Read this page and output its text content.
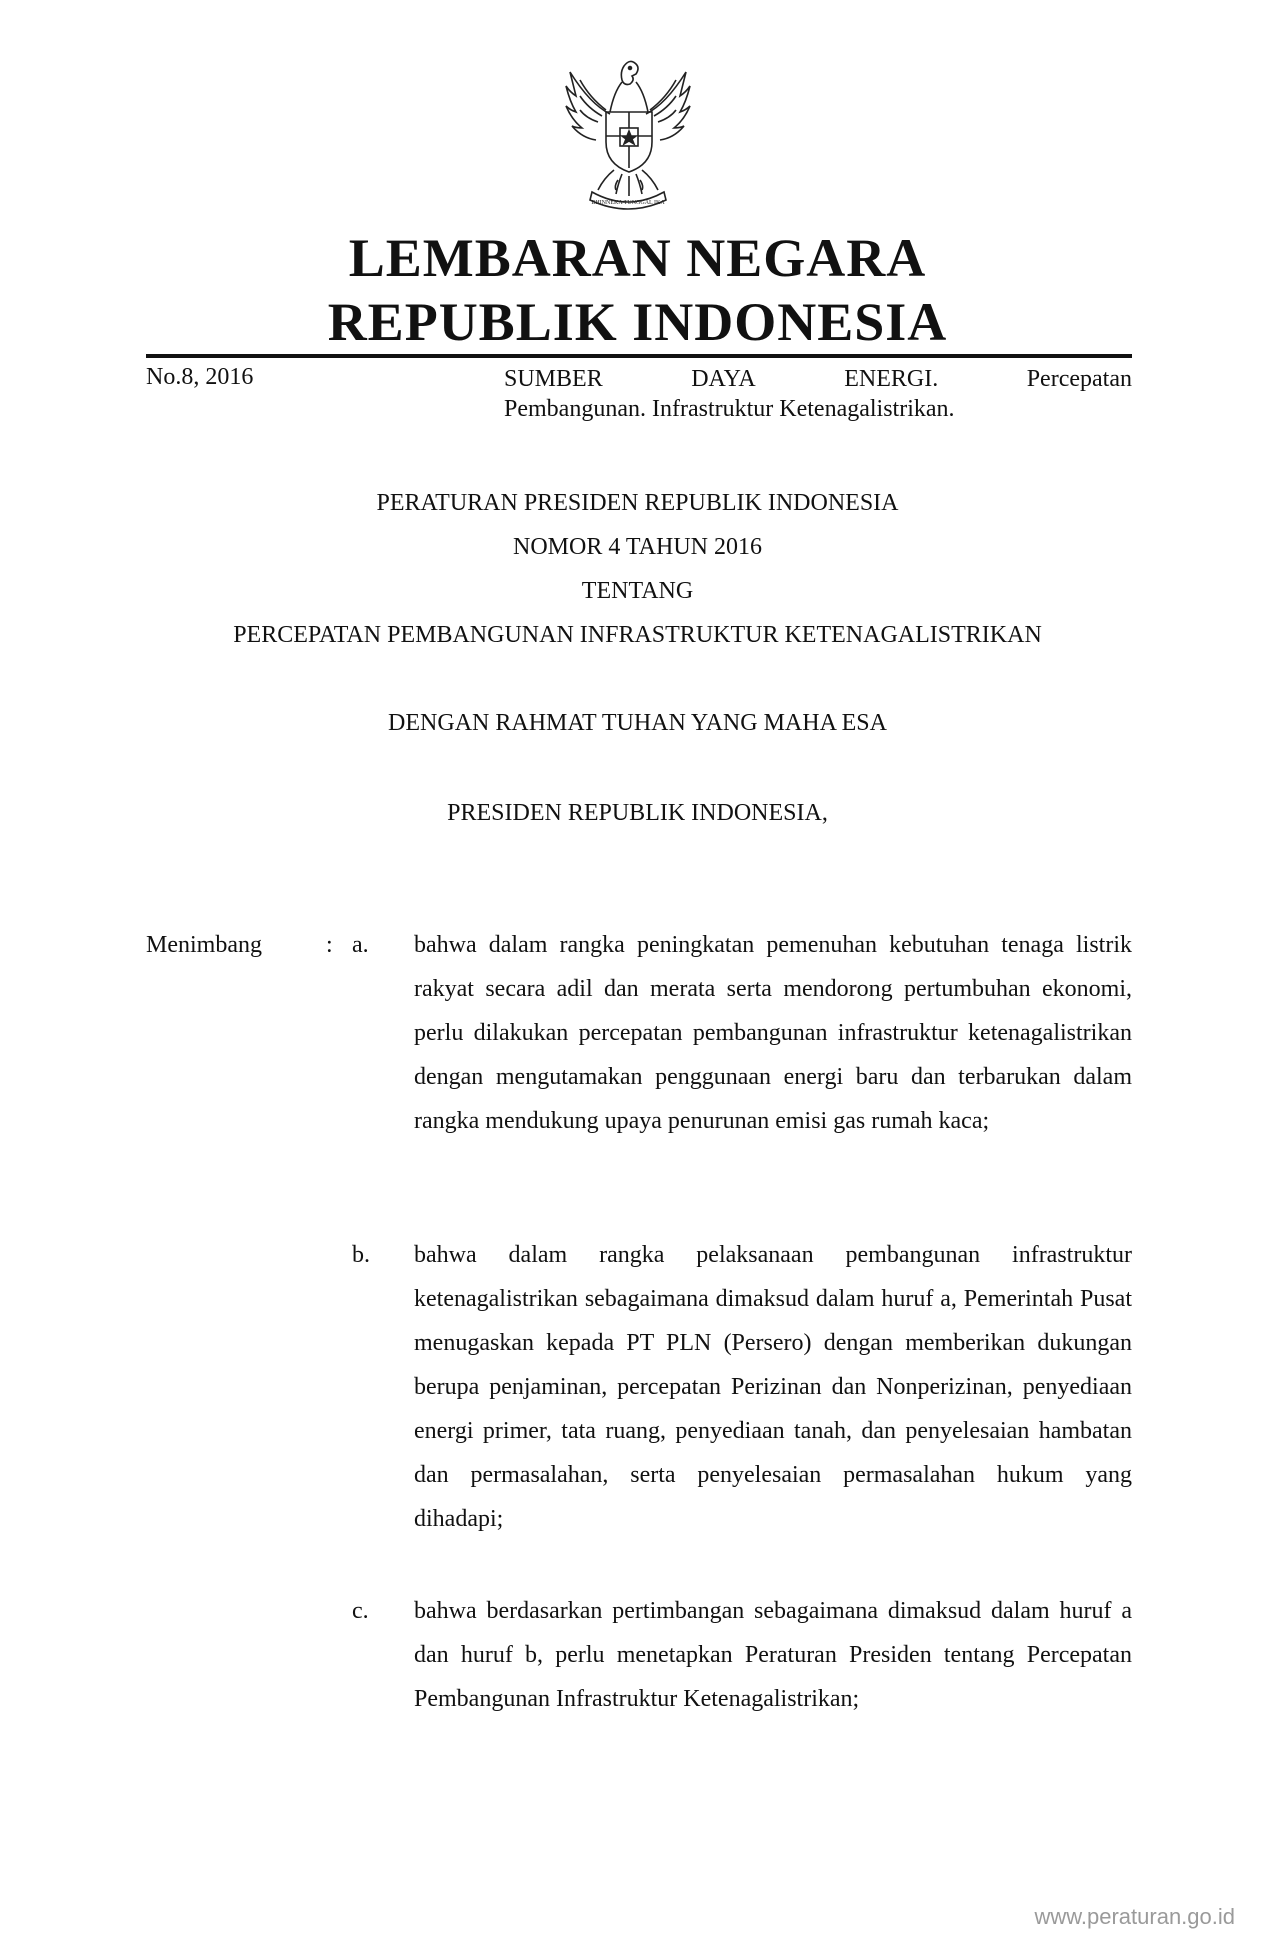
BHINNEKA TUNGGAL IKA
LEMBARAN NEGARA
REPUBLIK INDONESIA
No.8, 2016	SUMBER	DAYA	ENERGI.	Percepatan
Pembangunan. Infrastruktur Ketenagalistrikan.
PERATURAN PRESIDEN REPUBLIK INDONESIA
NOMOR 4 TAHUN 2016
TENTANG
PERCEPATAN PEMBANGUNAN INFRASTRUKTUR KETENAGALISTRIKAN
DENGAN RAHMAT TUHAN YANG MAHA ESA
PRESIDEN REPUBLIK INDONESIA,
Menimbang	: a. bahwa dalam rangka peningkatan pemenuhan kebutuhan tenaga listrik rakyat secara adil dan merata serta mendorong pertumbuhan ekonomi, perlu dilakukan percepatan pembangunan infrastruktur ketenagalistrikan dengan mengutamakan penggunaan energi baru dan terbarukan dalam rangka mendukung upaya penurunan emisi gas rumah kaca;
b. bahwa dalam rangka pelaksanaan pembangunan infrastruktur ketenagalistrikan sebagaimana dimaksud dalam huruf a, Pemerintah Pusat menugaskan kepada PT PLN (Persero) dengan memberikan dukungan berupa penjaminan, percepatan Perizinan dan Nonperizinan, penyediaan energi primer, tata ruang, penyediaan tanah, dan penyelesaian hambatan dan permasalahan, serta penyelesaian permasalahan hukum yang dihadapi;
c. bahwa berdasarkan pertimbangan sebagaimana dimaksud dalam huruf a dan huruf b, perlu menetapkan Peraturan Presiden tentang Percepatan Pembangunan Infrastruktur Ketenagalistrikan;
www.peraturan.go.id
